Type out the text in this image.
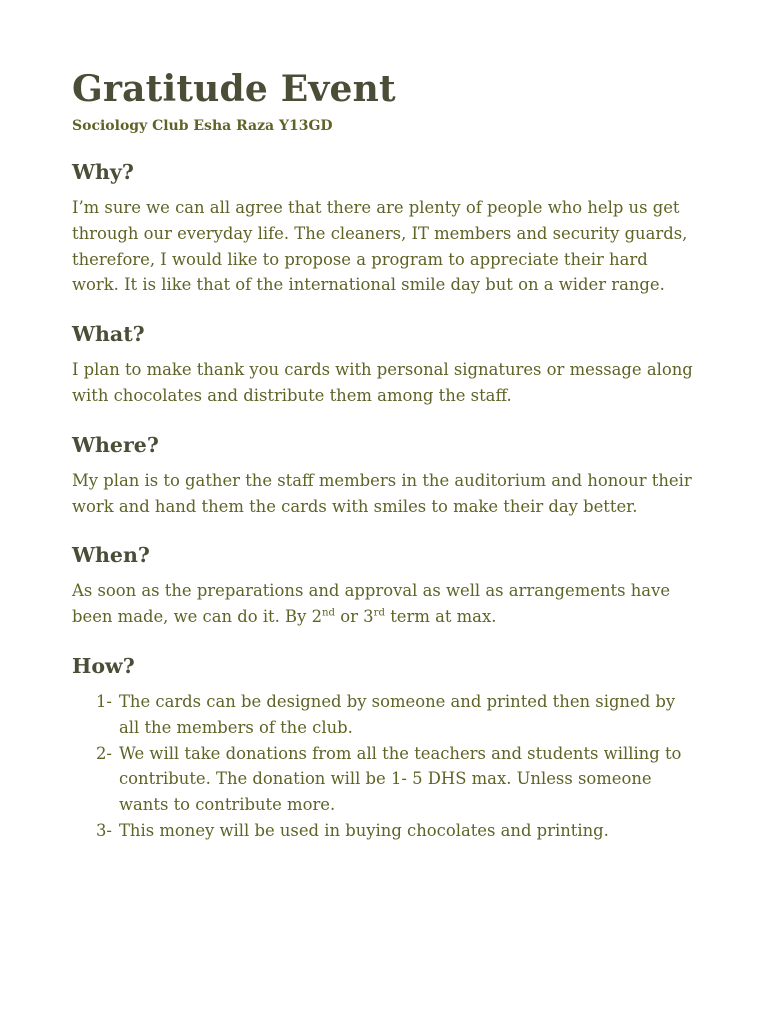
Gratitude Event
Sociology Club Esha Raza Y13GD
Why?

I’m sure we can all agree that there are plenty of people who help us get through our everyday life. The cleaners, IT members and security guards, therefore, I would like to propose a program to appreciate their hard work. It is like that of the international smile day but on a wider range.

What?

I plan to make thank you cards with personal signatures or message along with chocolates and distribute them among the staff.

Where?

My plan is to gather the staff members in the auditorium and honour their work and hand them the cards with smiles to make their day better.

When?

As soon as the preparations and approval as well as arrangements have been made, we can do it. By 2nd or 3rd term at max.

How?
1- The cards can be designed by someone and printed then signed by all the members of the club.
2- We will take donations from all the teachers and students willing to contribute. The donation will be 1- 5 DHS max. Unless someone wants to contribute more.
3- This money will be used in buying chocolates and printing.
